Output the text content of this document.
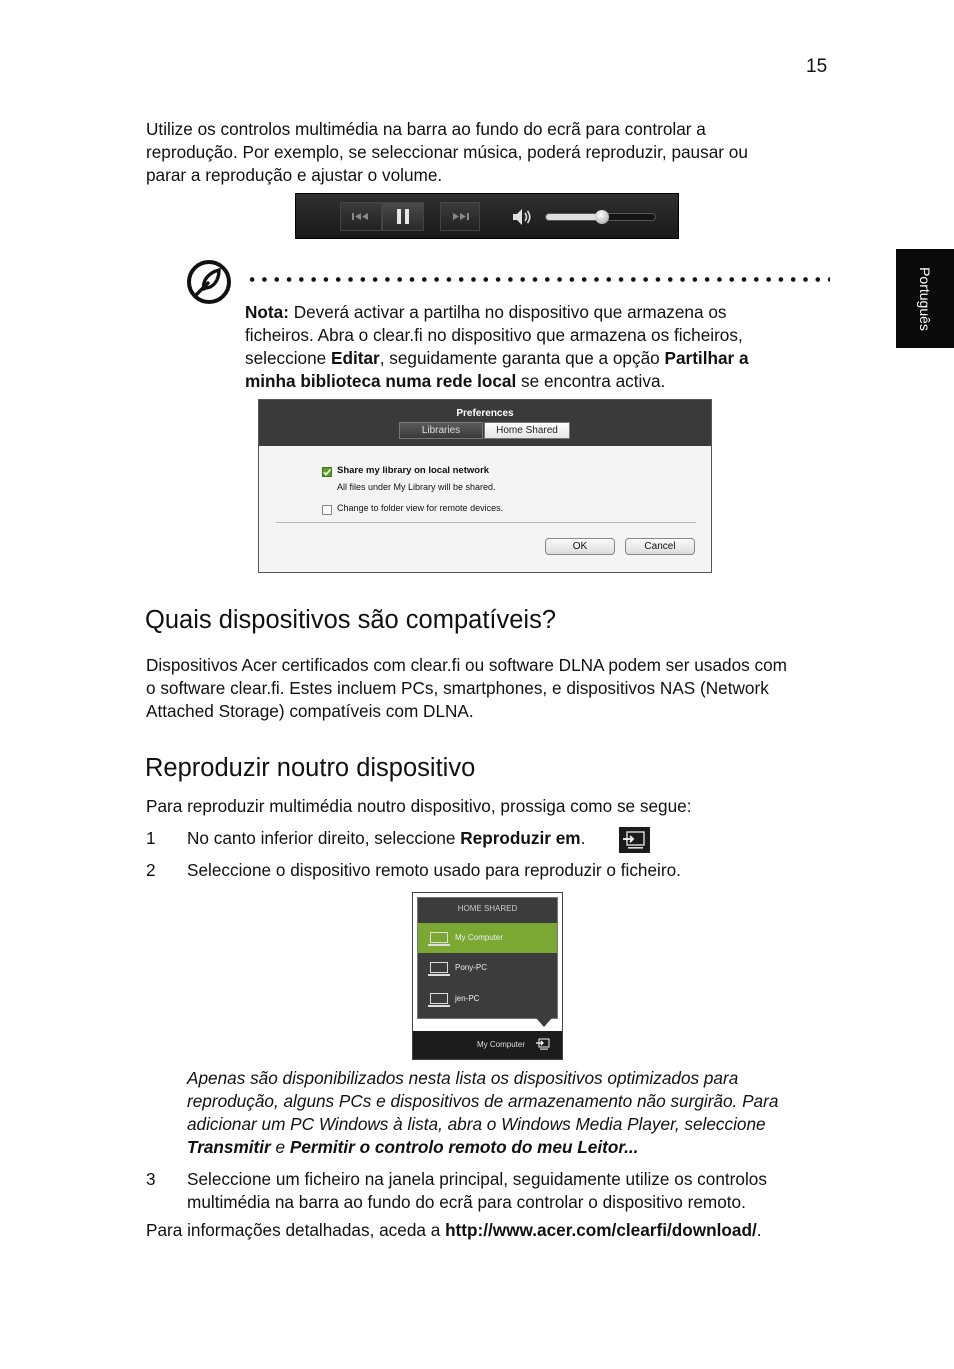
15
Português
Utilize os controlos multimédia na barra ao fundo do ecrã para controlar a
reprodução. Por exemplo, se seleccionar música, poderá reproduzir, pausar ou
parar a reprodução e ajustar o volume.
Nota: Deverá activar a partilha no dispositivo que armazena os
ficheiros. Abra o clear.fi no dispositivo que armazena os ficheiros,
seleccione Editar, seguidamente garanta que a opção Partilhar a
minha biblioteca numa rede local se encontra activa.
Preferences
Libraries	Home Shared
Share my library on local network
All files under My Library will be shared.
Change to folder view for remote devices.
OK	Cancel
Quais dispositivos são compatíveis?
Dispositivos Acer certificados com clear.fi ou software DLNA podem ser usados com
o software clear.fi. Estes incluem PCs, smartphones, e dispositivos NAS (Network
Attached Storage) compatíveis com DLNA.
Reproduzir noutro dispositivo
Para reproduzir multimédia noutro dispositivo, prossiga como se segue:
1 No canto inferior direito, seleccione Reproduzir em.
2 Seleccione o dispositivo remoto usado para reproduzir o ficheiro.
HOME SHARED
My Computer
Pony-PC
jen-PC
My Computer
Apenas são disponibilizados nesta lista os dispositivos optimizados para
reprodução, alguns PCs e dispositivos de armazenamento não surgirão. Para
adicionar um PC Windows à lista, abra o Windows Media Player, seleccione
Transmitir e Permitir o controlo remoto do meu Leitor...
3 Seleccione um ficheiro na janela principal, seguidamente utilize os controlos
multimédia na barra ao fundo do ecrã para controlar o dispositivo remoto.
Para informações detalhadas, aceda a http://www.acer.com/clearfi/download/.
